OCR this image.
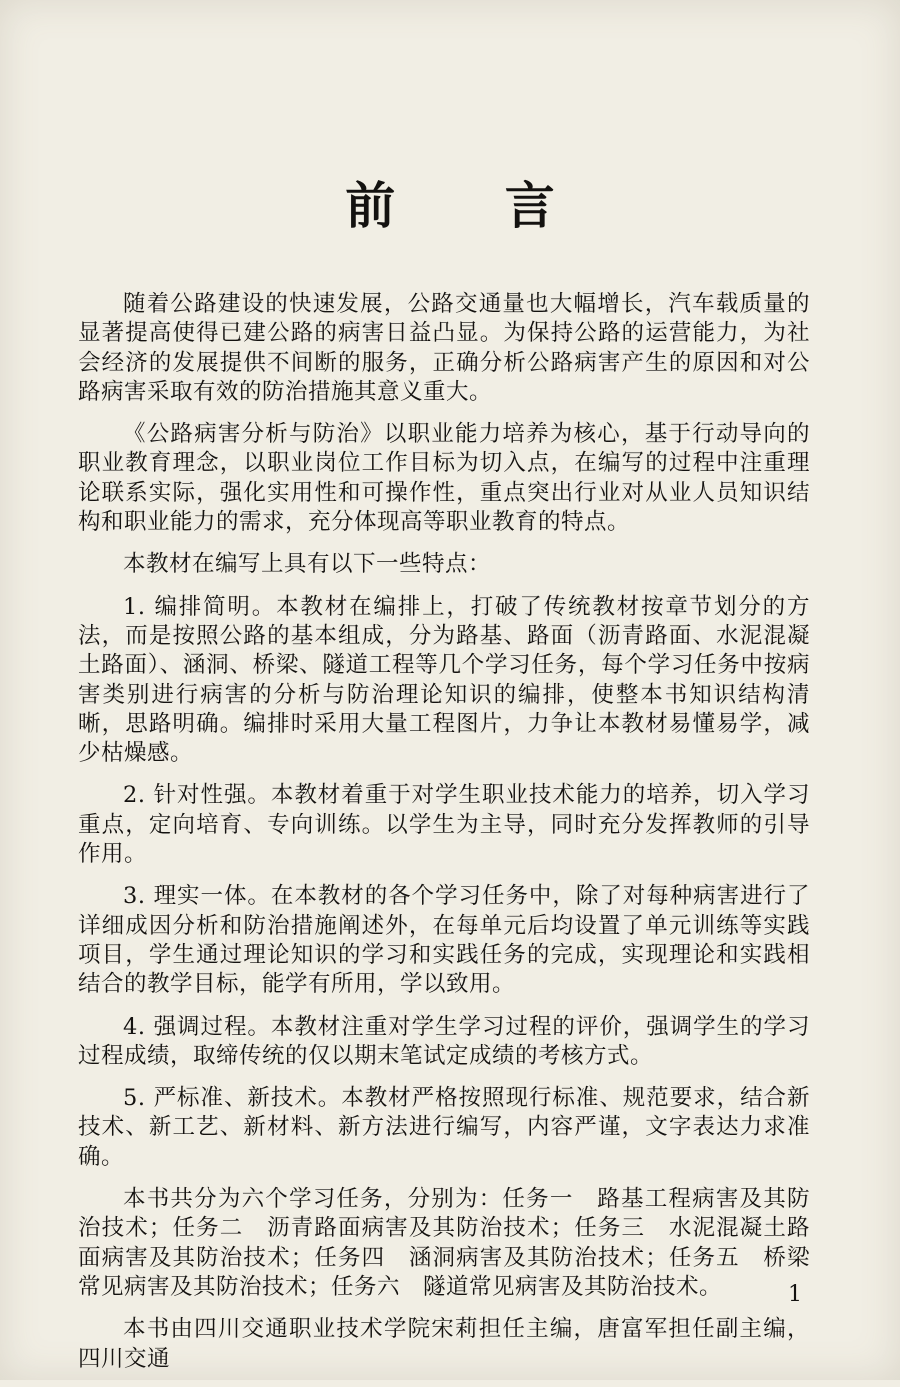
前 言

随着公路建设的快速发展，公路交通量也大幅增长，汽车载质量的显著提高使得已建公路的病害日益凸显。为保持公路的运营能力，为社会经济的发展提供不间断的服务，正确分析公路病害产生的原因和对公路病害采取有效的防治措施其意义重大。

《公路病害分析与防治》以职业能力培养为核心，基于行动导向的职业教育理念，以职业岗位工作目标为切入点，在编写的过程中注重理论联系实际，强化实用性和可操作性，重点突出行业对从业人员知识结构和职业能力的需求，充分体现高等职业教育的特点。

本教材在编写上具有以下一些特点：

1. 编排简明。本教材在编排上，打破了传统教材按章节划分的方法，而是按照公路的基本组成，分为路基、路面（沥青路面、水泥混凝土路面）、涵洞、桥梁、隧道工程等几个学习任务，每个学习任务中按病害类别进行病害的分析与防治理论知识的编排，使整本书知识结构清晰，思路明确。编排时采用大量工程图片，力争让本教材易懂易学，减少枯燥感。

2. 针对性强。本教材着重于对学生职业技术能力的培养，切入学习重点，定向培育、专向训练。以学生为主导，同时充分发挥教师的引导作用。

3. 理实一体。在本教材的各个学习任务中，除了对每种病害进行了详细成因分析和防治措施阐述外，在每单元后均设置了单元训练等实践项目，学生通过理论知识的学习和实践任务的完成，实现理论和实践相结合的教学目标，能学有所用，学以致用。

4. 强调过程。本教材注重对学生学习过程的评价，强调学生的学习过程成绩，取缔传统的仅以期末笔试定成绩的考核方式。

5. 严标准、新技术。本教材严格按照现行标准、规范要求，结合新技术、新工艺、新材料、新方法进行编写，内容严谨，文字表达力求准确。

本书共分为六个学习任务，分别为：任务一　路基工程病害及其防治技术；任务二　沥青路面病害及其防治技术；任务三　水泥混凝土路面病害及其防治技术；任务四　涵洞病害及其防治技术；任务五　桥梁常见病害及其防治技术；任务六　隧道常见病害及其防治技术。

本书由四川交通职业技术学院宋莉担任主编，唐富军担任副主编，四川交通

1
